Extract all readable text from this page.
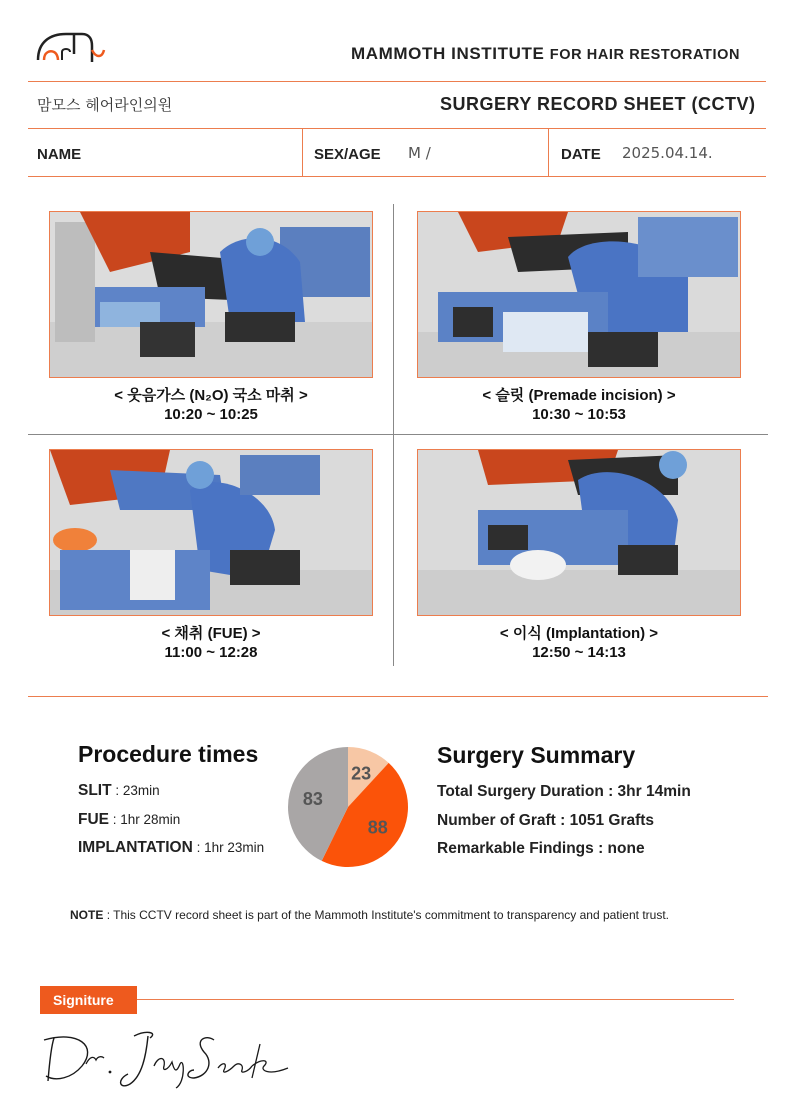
MAMMOTH INSTITUTE FOR HAIR RESTORATION
맘모스 헤어라인의원	SURGERY RECORD SHEET (CCTV)
NAME	SEX/AGE M /	DATE 2025.04.14.
< 웃음가스 (N₂O) 국소 마취 >
10:20 ~ 10:25
< 슬릿 (Premade incision) >
10:30 ~ 10:53
< 채취 (FUE) >
11:00 ~ 12:28
< 이식 (Implantation) >
12:50 ~ 14:13
Procedure times
SLIT : 23min
FUE : 1hr 28min
IMPLANTATION : 1hr 23min
23
88
83
Surgery Summary
Total Surgery Duration : 3hr 14min
Number of Graft : 1051 Grafts
Remarkable Findings : none
NOTE : This CCTV record sheet is part of the Mammoth Institute's commitment to transparency and patient trust.
Signiture
